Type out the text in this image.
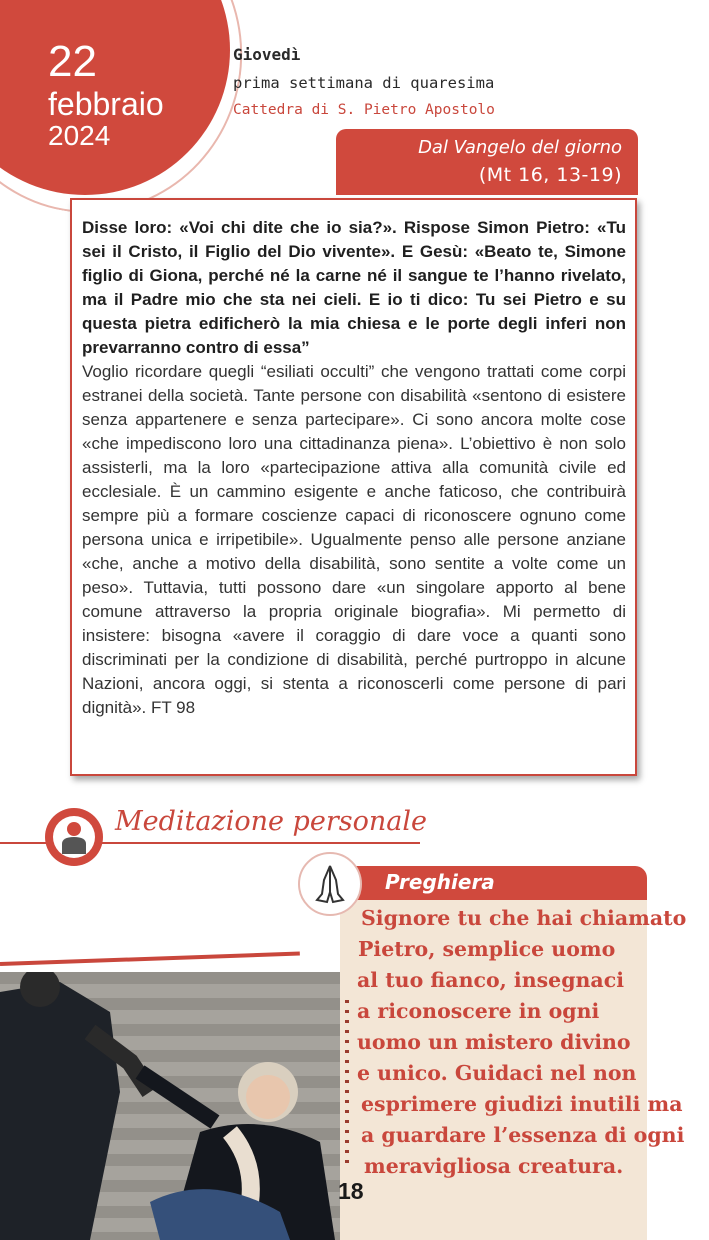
22
febbraio
2024
Giovedì
prima settimana di quaresima
Cattedra di S. Pietro Apostolo
Dal Vangelo del giorno
(Mt 16, 13-19)
Disse loro: «Voi chi dite che io sia?». Rispose Simon Pietro: «Tu sei il Cristo, il Figlio del Dio vivente». E Gesù: «Beato te, Simone figlio di Giona, perché né la carne né il sangue te l’hanno rivelato, ma il Padre mio che sta nei cieli. E io ti dico: Tu sei Pietro e su questa pietra edificherò la mia chiesa e le porte degli inferi non prevarranno contro di essa”
Voglio ricordare quegli “esiliati occulti” che vengono trattati come corpi estranei della società. Tante persone con disabilità «sentono di esistere senza appartenere e senza partecipare». Ci sono ancora molte cose «che impediscono loro una cittadinanza piena». L’obiettivo è non solo assisterli, ma la loro «partecipazione attiva alla comunità civile ed ecclesiale. È un cammino esigente e anche faticoso, che contribuirà sempre più a formare coscienze capaci di riconoscere ognuno come persona unica e irripetibile». Ugualmente penso alle persone anziane «che, anche a motivo della disabilità, sono sentite a volte come un peso». Tuttavia, tutti possono dare «un singolare apporto al bene comune attraverso la propria originale biografia». Mi permetto di insistere: bisogna «avere il coraggio di dare voce a quanti sono discriminati per la condizione di disabilità, perché purtroppo in alcune Nazioni, ancora oggi, si stenta a riconoscerli come persone di pari dignità». FT 98
Meditazione personale
Preghiera
Signore tu che hai chiamato
Pietro, semplice uomo
al tuo fianco, insegnaci
a riconoscere in ogni
uomo un mistero divino
e unico. Guidaci nel non
esprimere giudizi inutili ma
a guardare l’essenza di ogni
meravigliosa creatura.
18
